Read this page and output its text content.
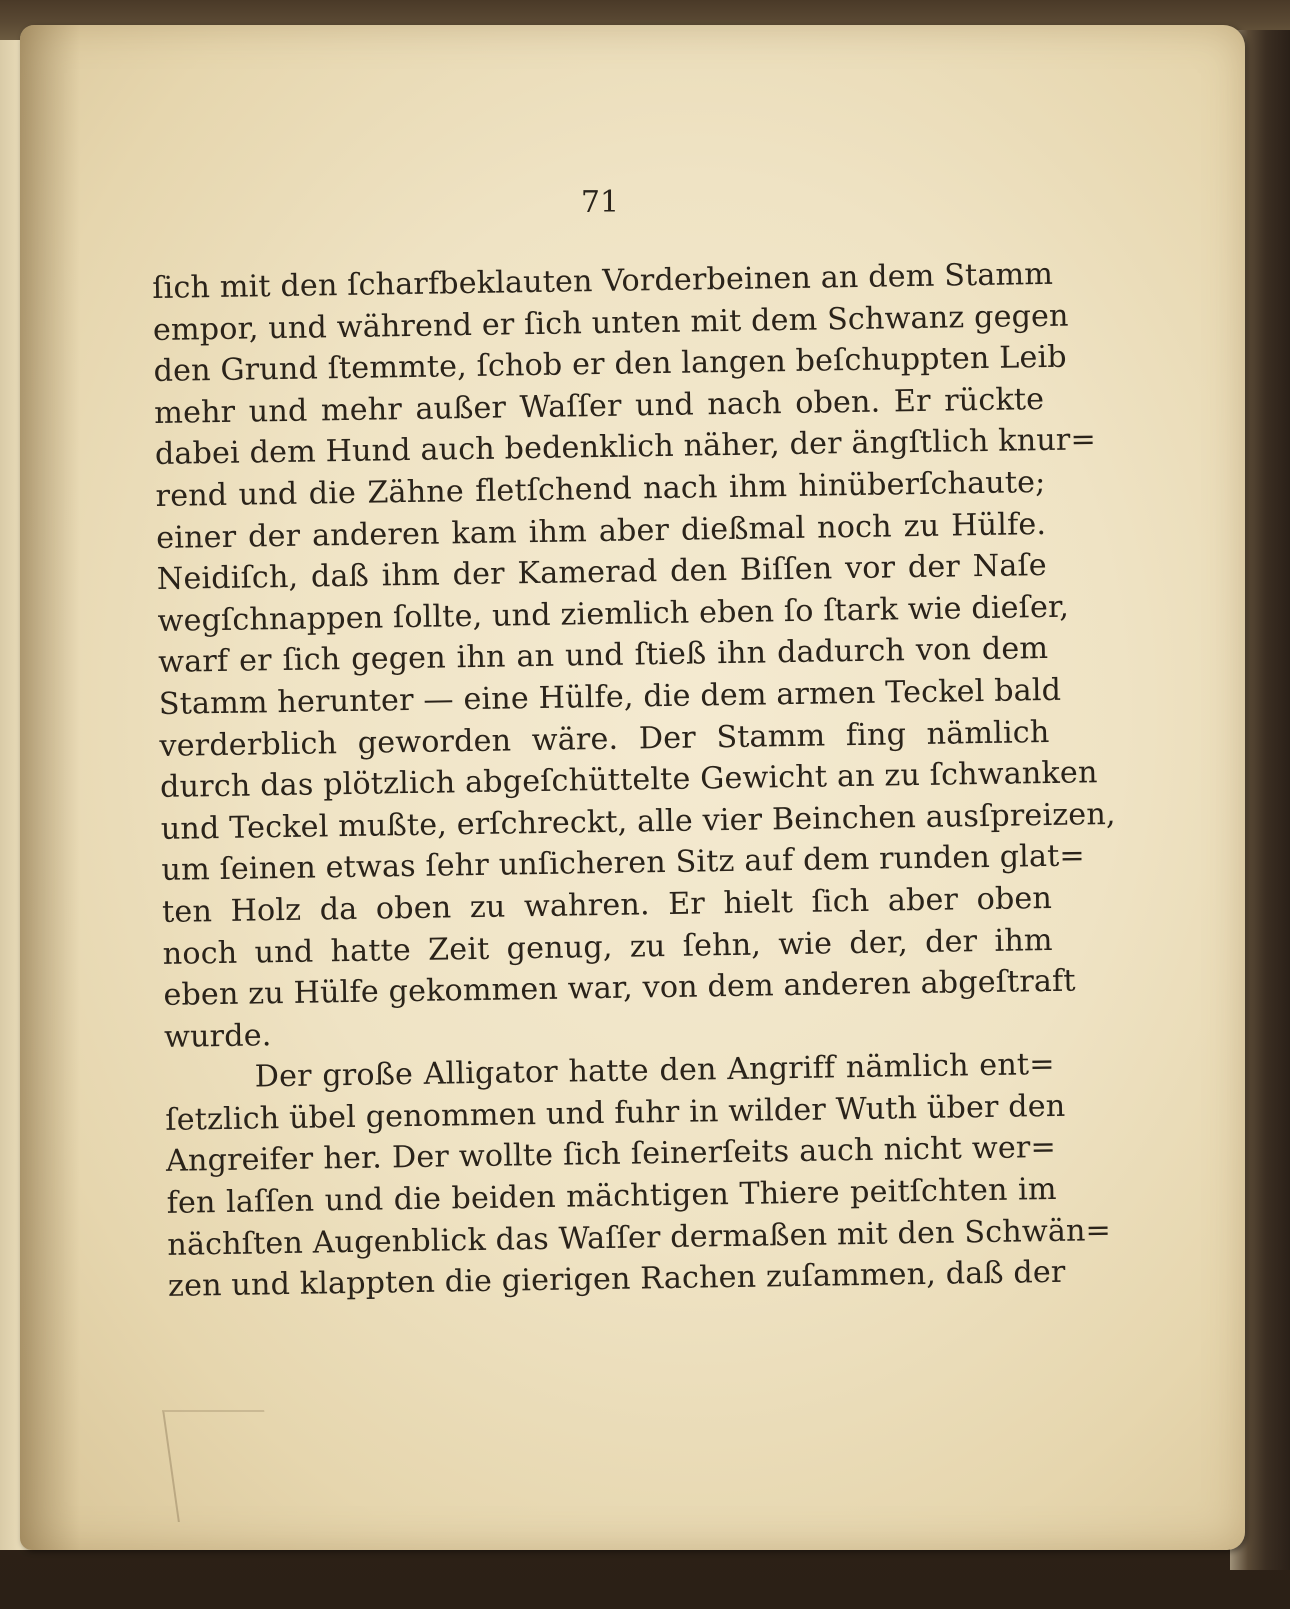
71
ſich mit den ſcharfbeklauten Vorderbeinen an dem Stamm
empor, und während er ſich unten mit dem Schwanz gegen
den Grund ſtemmte, ſchob er den langen beſchuppten Leib
mehr und mehr außer Waſſer und nach oben. Er rückte
dabei dem Hund auch bedenklich näher, der ängſtlich knur=
rend und die Zähne fletſchend nach ihm hinüberſchaute;
einer der anderen kam ihm aber dießmal noch zu Hülfe.
Neidiſch, daß ihm der Kamerad den Biſſen vor der Naſe
wegſchnappen ſollte, und ziemlich eben ſo ſtark wie dieſer,
warf er ſich gegen ihn an und ſtieß ihn dadurch von dem
Stamm herunter — eine Hülfe, die dem armen Teckel bald
verderblich geworden wäre. Der Stamm fing nämlich
durch das plötzlich abgeſchüttelte Gewicht an zu ſchwanken
und Teckel mußte, erſchreckt, alle vier Beinchen ausſpreizen,
um ſeinen etwas ſehr unſicheren Sitz auf dem runden glat=
ten Holz da oben zu wahren. Er hielt ſich aber oben
noch und hatte Zeit genug, zu ſehn, wie der, der ihm
eben zu Hülfe gekommen war, von dem anderen abgeſtraft
wurde.
Der große Alligator hatte den Angriff nämlich ent=
ſetzlich übel genommen und fuhr in wilder Wuth über den
Angreifer her. Der wollte ſich ſeinerſeits auch nicht wer=
fen laſſen und die beiden mächtigen Thiere peitſchten im
nächſten Augenblick das Waſſer dermaßen mit den Schwän=
zen und klappten die gierigen Rachen zuſammen, daß der
